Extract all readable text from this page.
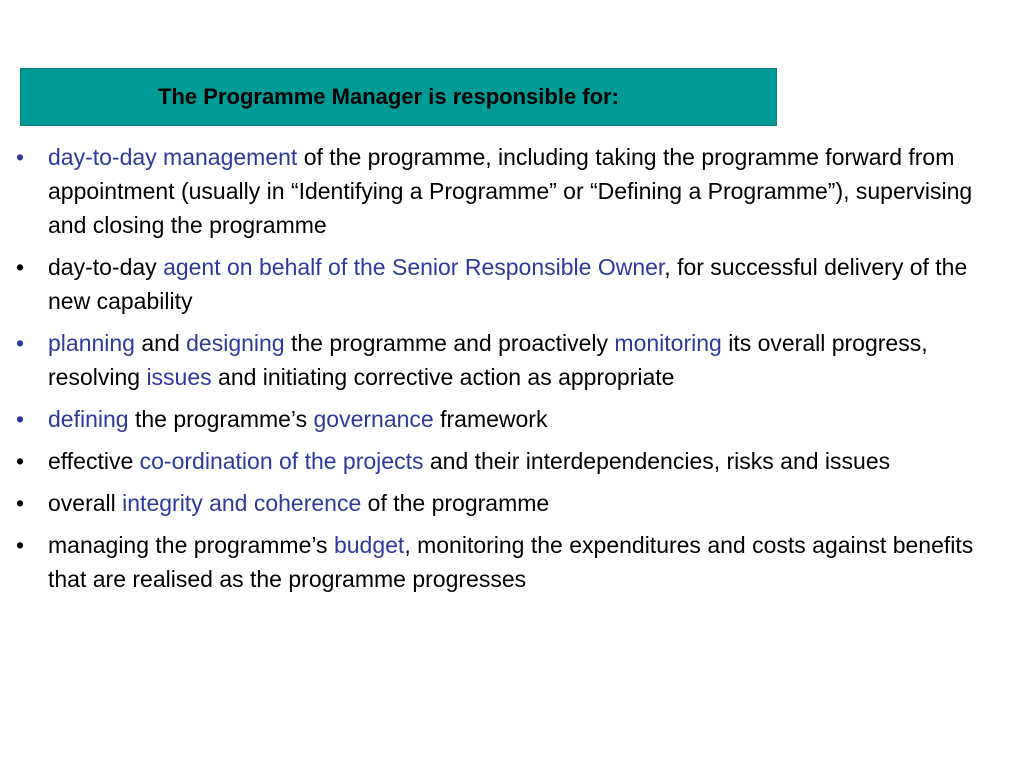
The Programme Manager is responsible for:
• day-to-day management of the programme, including taking the programme forward from appointment (usually in “Identifying a Programme” or “Defining a Programme”), supervising and closing the programme
• day-to-day agent on behalf of the Senior Responsible Owner, for successful delivery of the new capability
• planning and designing the programme and proactively monitoring its overall progress, resolving issues and initiating corrective action as appropriate
• defining the programme’s governance framework
• effective co-ordination of the projects and their interdependencies, risks and issues
• overall integrity and coherence of the programme
• managing the programme’s budget, monitoring the expenditures and costs against benefits that are realised as the programme progresses
